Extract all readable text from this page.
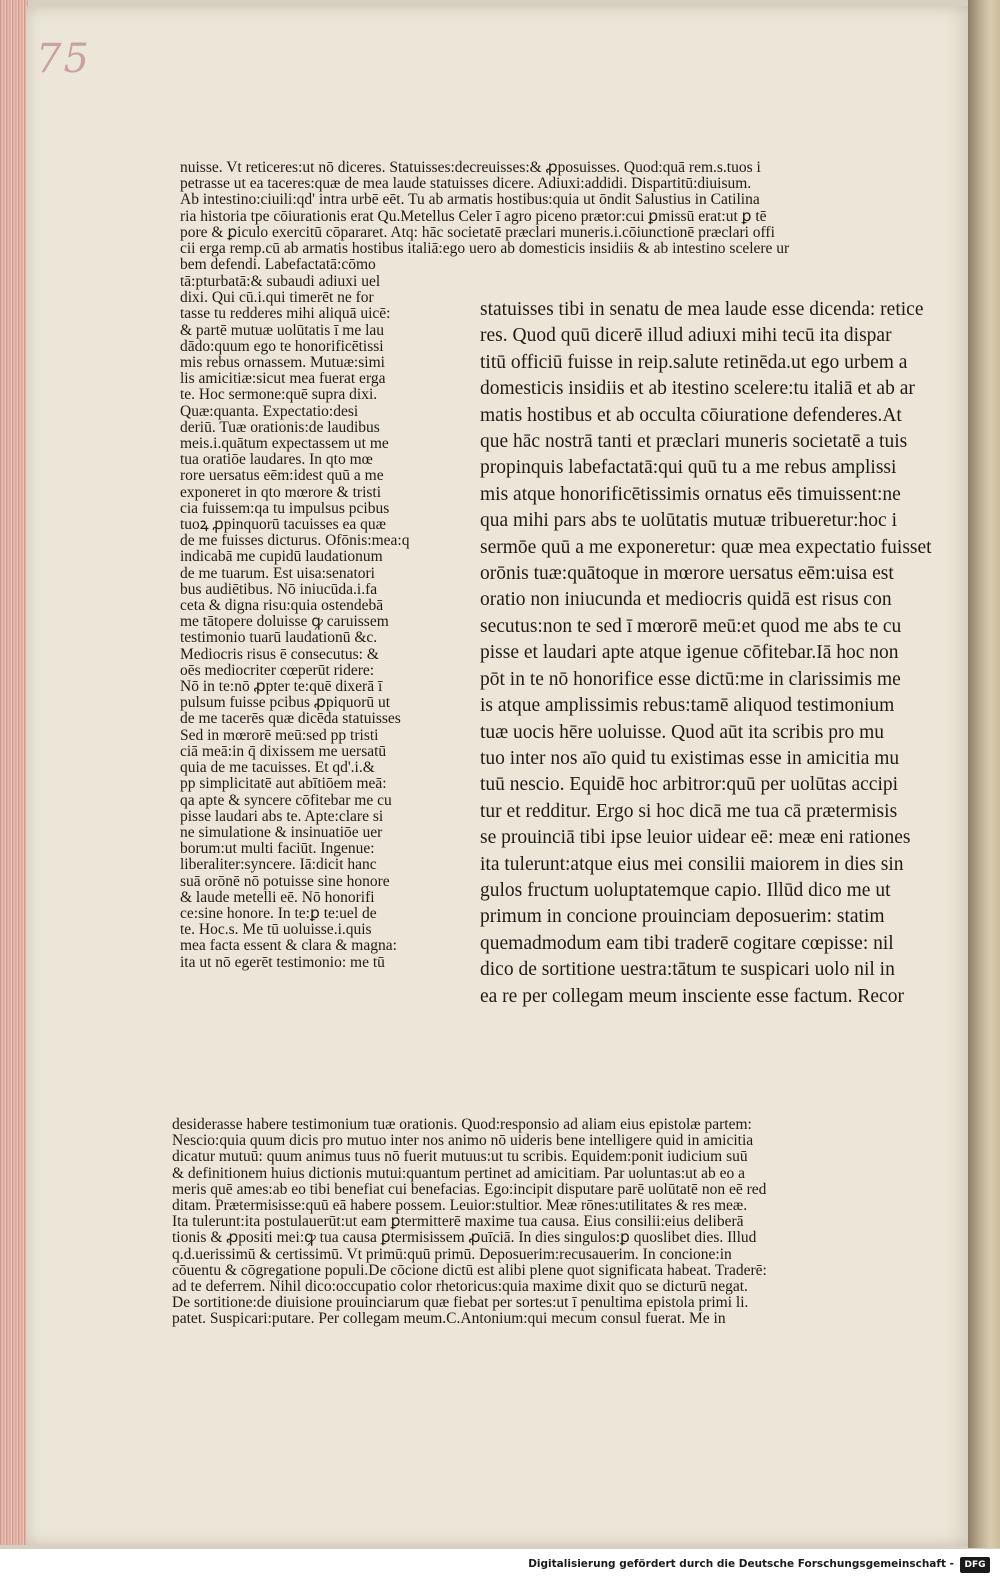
75
nuisse. Vt reticeres:ut nō diceres. Statuisses:decreuisses:& ꝓposuisses. Quod:quā rem.s.tuos i
petrasse ut ea taceres:quæ de mea laude statuisses dicere. Adiuxi:addidi. Dispartitū:diuisum.
Ab intestino:ciuili:qd' intra urbē eēt. Tu ab armatis hostibus:quia ut ōndit Salustius in Catilina
ria historia tpe cōiurationis erat Qu.Metellus Celer ī agro piceno prætor:cui ꝑmissū erat:ut ꝑ tē
pore & ꝑiculo exercitū cōpararet. Atq: hāc societatē præclari muneris.i.cōiunctionē præclari offi
cii erga remp.cū ab armatis hostibus italiā:ego uero ab domesticis insidiis & ab intestino scelere ur
bem defendi. Labefactatā:cōmo
tā:pturbatā:& subaudi adiuxi uel
dixi. Qui cū.i.qui timerēt ne for
tasse tu redderes mihi aliquā uicē:
& partē mutuæ uolūtatis ī me lau
dādo:quum ego te honorificētissi
mis rebus ornassem. Mutuæ:simi
lis amicitiæ:sicut mea fuerat erga
te. Hoc sermone:quē supra dixi.
Quæ:quanta. Expectatio:desi
deriū. Tuæ orationis:de laudibus
meis.i.quātum expectassem ut me
tua oratiōe laudares. In qto mœ
rore uersatus eēm:idest quū a me
exponeret in qto mœrore & tristi
cia fuissem:qa tu impulsus pcibus
tuoꝝ ꝓpinquorū tacuisses ea quæ
de me fuisses dicturus. Ofōnis:mea:q
indicabā me cupidū laudationum
de me tuarum. Est uisa:senatori
bus audiētibus. Nō iniucūda.i.fa
ceta & digna risu:quia ostendebā
me tātopere doluisse ꝙ caruissem
testimonio tuarū laudationū &c.
Mediocris risus ē consecutus: &
oēs mediocriter cœperūt ridere:
Nō in te:nō ꝓpter te:quē dixerā ī
pulsum fuisse pcibus ꝓpiquorū ut
de me tacerēs quæ dicēda statuisses
Sed in mœrorē meū:sed pp tristi
ciā meā:in q̄ dixissem me uersatū
quia de me tacuisses. Et qd'.i.&
pp simplicitatē aut abītiōem meā:
qa apte & syncere cōfitebar me cu
pisse laudari abs te. Apte:clare si
ne simulatione & insinuatiōe uer
borum:ut multi faciūt. Ingenue:
liberaliter:syncere. Iā:dicit hanc
suā orōnē nō potuisse sine honore
& laude metelli eē. Nō honorifi
ce:sine honore. In te:ꝑ te:uel de
te. Hoc.s. Me tū uoluisse.i.quis
mea facta essent & clara & magna:
ita ut nō egerēt testimonio: me tū
statuisses tibi in senatu de mea laude esse dicenda: retice
res. Quod quū dicerē illud adiuxi mihi tecū ita dispar
titū officiū fuisse in reip.salute retinēda.ut ego urbem a
domesticis insidiis et ab itestino scelere:tu italiā et ab ar
matis hostibus et ab occulta cōiuratione defenderes.At
que hāc nostrā tanti et præclari muneris societatē a tuis
propinquis labefactatā:qui quū tu a me rebus amplissi
mis atque honorificētissimis ornatus eēs timuissent:ne
qua mihi pars abs te uolūtatis mutuæ tribueretur:hoc i
sermōe quū a me exponeretur: quæ mea expectatio fuisset
orōnis tuæ:quātoque in mœrore uersatus eēm:uisa est
oratio non iniucunda et mediocris quidā est risus con
secutus:non te sed ī mœrorē meū:et quod me abs te cu
pisse et laudari apte atque igenue cōfitebar.Iā hoc non
pōt in te nō honorifice esse dictū:me in clarissimis me
is atque amplissimis rebus:tamē aliquod testimonium
tuæ uocis hēre uoluisse. Quod aūt ita scribis pro mu
tuo inter nos aīo quid tu existimas esse in amicitia mu
tuū nescio. Equidē hoc arbitror:quū per uolūtas accipi
tur et redditur. Ergo si hoc dicā me tua cā prætermisis
se prouinciā tibi ipse leuior uidear eē: meæ eni rationes
ita tulerunt:atque eius mei consilii maiorem in dies sin
gulos fructum uoluptatemque capio. Illūd dico me ut
primum in concione prouinciam deposuerim: statim
quemadmodum eam tibi traderē cogitare cœpisse: nil
dico de sortitione uestra:tātum te suspicari uolo nil in
ea re per collegam meum insciente esse factum. Recor
desiderasse habere testimonium tuæ orationis. Quod:responsio ad aliam eius epistolæ partem:
Nescio:quia quum dicis pro mutuo inter nos animo nō uideris bene intelligere quid in amicitia
dicatur mutuū: quum animus tuus nō fuerit mutuus:ut tu scribis. Equidem:ponit iudicium suū
& definitionem huius dictionis mutui:quantum pertinet ad amicitiam. Par uoluntas:ut ab eo a
meris quē ames:ab eo tibi benefiat cui benefacias. Ego:incipit disputare parē uolūtatē non eē red
ditam. Prætermisisse:quū eā habere possem. Leuior:stultior. Meæ rōnes:utilitates & res meæ.
Ita tulerunt:ita postulauerūt:ut eam ꝑtermitterē maxime tua causa. Eius consilii:eius deliberā
tionis & ꝓpositi mei:ꝙ tua causa ꝑtermisissem ꝓuīciā. In dies singulos:ꝑ quoslibet dies. Illud
q.d.uerissimū & certissimū. Vt primū:quū primū. Deposuerim:recusauerim. In concione:in
cōuentu & cōgregatione populi.De cōcione dictū est alibi plene quot significata habeat. Traderē:
ad te deferrem. Nihil dico:occupatio color rhetoricus:quia maxime dixit quo se dicturū negat.
De sortitione:de diuisione prouinciarum quæ fiebat per sortes:ut ī penultima epistola primi li.
patet. Suspicari:putare. Per collegam meum.C.Antonium:qui mecum consul fuerat. Me in
Digitalisierung gefördert durch die Deutsche Forschungsgemeinschaft -	DFG
